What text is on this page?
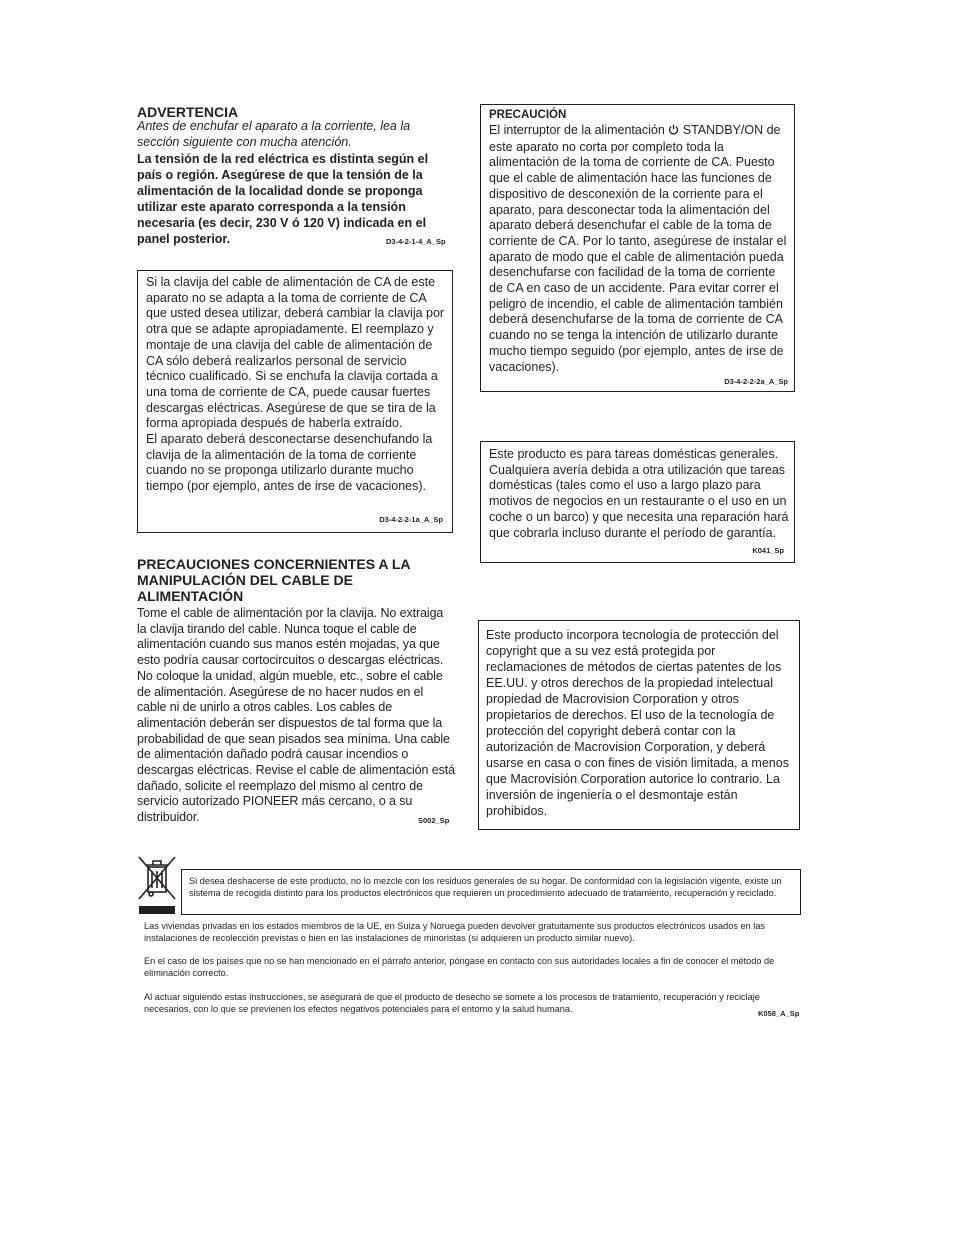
ADVERTENCIA
Antes de enchufar el aparato a la corriente, lea la sección siguiente con mucha atención.
La tensión de la red eléctrica es distinta según el país o región. Asegúrese de que la tensión de la alimentación de la localidad donde se proponga utilizar este aparato corresponda a la tensión necesaria (es decir, 230 V ó 120 V) indicada en el panel posterior.	D3-4-2-1-4_A_Sp

Si la clavija del cable de alimentación de CA de este aparato no se adapta a la toma de corriente de CA que usted desea utilizar, deberá cambiar la clavija por otra que se adapte apropiadamente. El reemplazo y montaje de una clavija del cable de alimentación de CA sólo deberá realizarlos personal de servicio técnico cualificado. Si se enchufa la clavija cortada a una toma de corriente de CA, puede causar fuertes descargas eléctricas. Asegúrese de que se tira de la forma apropiada después de haberla extraído.

El aparato deberá desconectarse desenchufando la clavija de la alimentación de la toma de corriente cuando no se proponga utilizarlo durante mucho tiempo (por ejemplo, antes de irse de vacaciones).

D3-4-2-2-1a_A_Sp
PRECAUCIONES CONCERNIENTES A LA MANIPULACIÓN DEL CABLE DE ALIMENTACIÓN
Tome el cable de alimentación por la clavija. No extraiga la clavija tirando del cable. Nunca toque el cable de alimentación cuando sus manos estén mojadas, ya que esto podría causar cortocircuitos o descargas eléctricas. No coloque la unidad, algún mueble, etc., sobre el cable de alimentación. Asegúrese de no hacer nudos en el cable ni de unirlo a otros cables. Los cables de alimentación deberán ser dispuestos de tal forma que la probabilidad de que sean pisados sea mínima. Una cable de alimentación dañado podrá causar incendios o descargas eléctricas. Revise el cable de alimentación está dañado, solicite el reemplazo del mismo al centro de servicio autorizado PIONEER más cercano, o a su distribuidor.	S002_Sp
PRECAUCIÓN
El interruptor de la alimentación STANDBY/ON de este aparato no corta por completo toda la alimentación de la toma de corriente de CA. Puesto que el cable de alimentación hace las funciones de dispositivo de desconexión de la corriente para el aparato, para desconectar toda la alimentación del aparato deberá desenchufar el cable de la toma de corriente de CA. Por lo tanto, asegúrese de instalar el aparato de modo que el cable de alimentación pueda desenchufarse con facilidad de la toma de corriente de CA en caso de un accidente. Para evitar correr el peligro de incendio, el cable de alimentación también deberá desenchufarse de la toma de corriente de CA cuando no se tenga la intención de utilizarlo durante mucho tiempo seguido (por ejemplo, antes de irse de vacaciones).
D3-4-2-2-2a_A_Sp
Este producto es para tareas domésticas generales. Cualquiera avería debida a otra utilización que tareas domésticas (tales como el uso a largo plazo para motivos de negocios en un restaurante o el uso en un coche o un barco) y que necesita una reparación hará que cobrarla incluso durante el período de garantía.
K041_Sp
Este producto incorpora tecnología de protección del copyright que a su vez está protegida por reclamaciones de métodos de ciertas patentes de los EE.UU. y otros derechos de la propiedad intelectual propiedad de Macrovision Corporation y otros propietarios de derechos. El uso de la tecnología de protección del copyright deberá contar con la autorización de Macrovision Corporation, y deberá usarse en casa o con fines de visión limitada, a menos que Macrovisión Corporation autorice lo contrario. La inversión de ingeniería o el desmontaje están prohibidos.
Si desea deshacerse de este producto, no lo mezcle con los residuos generales de su hogar. De conformidad con la legislación vigente, existe un sistema de recogida distinto para los productos electrónicos que requieren un procedimiento adecuado de tratamiento, recuperación y reciclado.
Las viviendas privadas en los estados miembros de la UE, en Suiza y Noruega pueden devolver gratuitamente sus productos electrónicos usados en las instalaciones de recolección previstas o bien en las instalaciones de minoristas (si adquieren un producto similar nuevo).
En el caso de los países que no se han mencionado en el párrafo anterior, póngase en contacto con sus autoridades locales a fin de conocer el método de eliminación correcto.
Al actuar siguiendo estas instrucciones, se asegurará de que el producto de desecho se somete a los procesos de tratamiento, recuperación y reciclaje necesarios, con lo que se previenen los efectos negativos potenciales para el entorno y la salud humana.	K058_A_Sp
